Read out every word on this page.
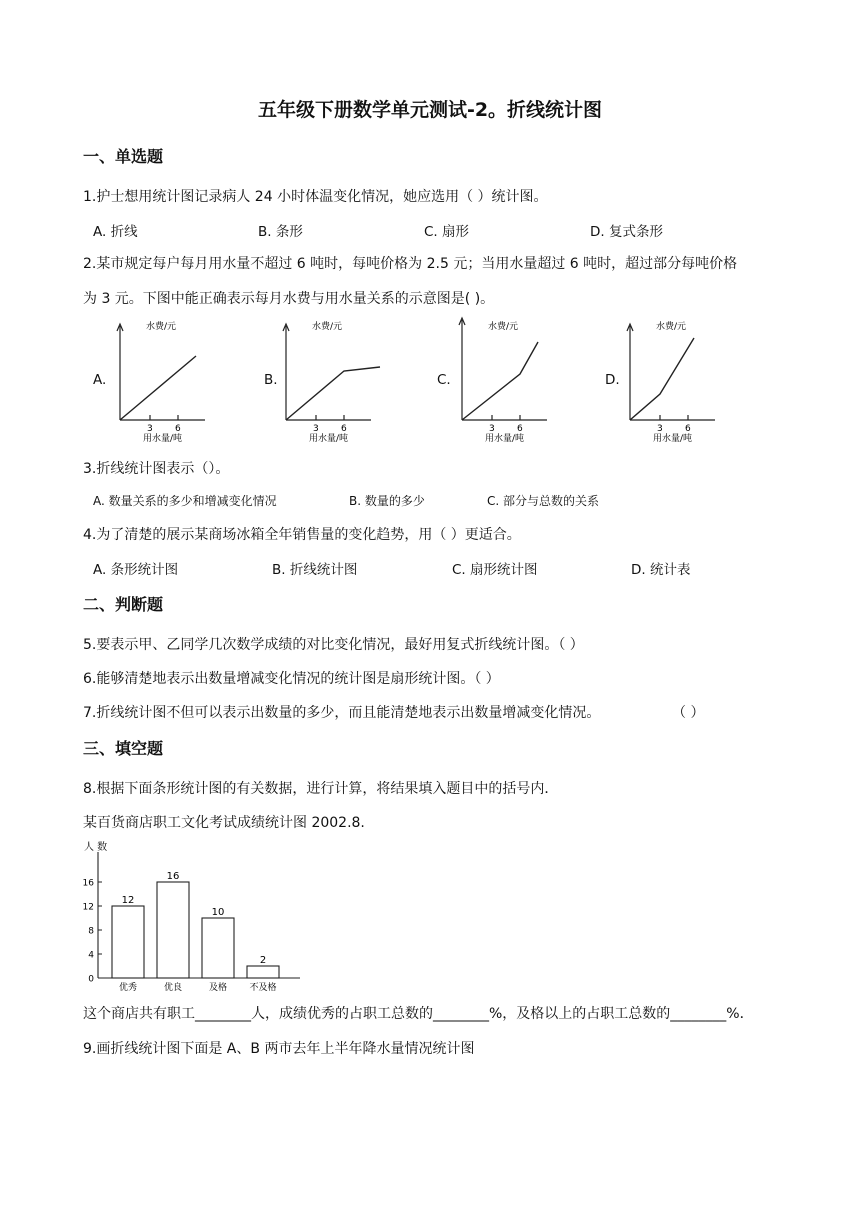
五年级下册数学单元测试-2。折线统计图
一、单选题
1.护士想用统计图记录病人 24 小时体温变化情况，她应选用（ ）统计图。
A. 折线	B. 条形	C. 扇形	D. 复式条形
2.某市规定每户每月用水量不超过 6 吨时，每吨价格为 2.5 元；当用水量超过 6 吨时，超过部分每吨价格
为 3 元。下图中能正确表示每月水费与用水量关系的示意图是( )。
A.	B.	C.	D.
水费/元
3 6
用水量/吨
水费/元
3 6
用水量/吨
水费/元
3 6
用水量/吨
水费/元
3 6
用水量/吨
3.折线统计图表示（）。
A. 数量关系的多少和增减变化情况	B. 数量的多少	C. 部分与总数的关系
4.为了清楚的展示某商场冰箱全年销售量的变化趋势，用（ ）更适合。
A. 条形统计图	B. 折线统计图	C. 扇形统计图	D. 统计表
二、判断题
5.要表示甲、乙同学几次数学成绩的对比变化情况，最好用复式折线统计图。（ ）
6.能够清楚地表示出数量增减变化情况的统计图是扇形统计图。（ ）
7.折线统计图不但可以表示出数量的多少，而且能清楚地表示出数量增减变化情况。	（ ）
三、填空题
8.根据下面条形统计图的有关数据，进行计算，将结果填入题目中的括号内．
某百货商店职工文化考试成绩统计图 2002.8.
人 数
0
4
8
12
16
12
优秀
16
优良
10
及格
2
不及格
这个商店共有职工________人，成绩优秀的占职工总数的________%，及格以上的占职工总数的________%．
9.画折线统计图下面是 A、B 两市去年上半年降水量情况统计图
